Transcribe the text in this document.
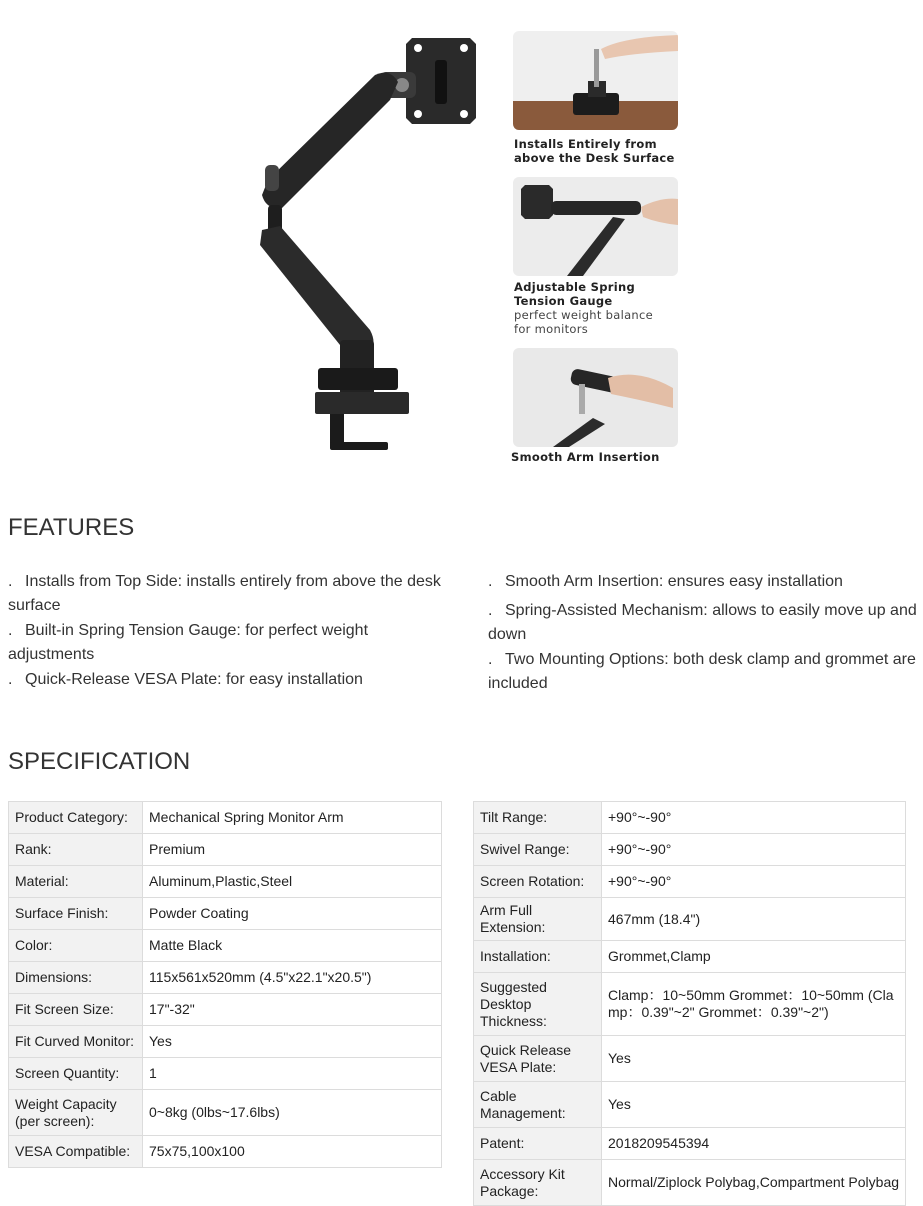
Installs Entirely from
above the Desk Surface
Adjustable Spring
Tension Gauge
perfect weight balance
for monitors
Smooth Arm Insertion
FEATURES

. Installs from Top Side: installs entirely from above the desk surface

. Built-in Spring Tension Gauge: for perfect weight adjustments

. Quick-Release VESA Plate: for easy installation

. Smooth Arm Insertion: ensures easy installation

. Spring-Assisted Mechanism: allows to easily move up and down

. Two Mounting Options: both desk clamp and grommet are included

SPECIFICATION
Product Category:	Mechanical Spring Monitor Arm
Rank:	Premium
Material:	Aluminum,Plastic,Steel
Surface Finish:	Powder Coating
Color:	Matte Black
Dimensions:	115x561x520mm (4.5"x22.1"x20.5")
Fit Screen Size:	17"-32"
Fit Curved Monitor:	Yes
Screen Quantity:	1
Weight Capacity (per screen):	0~8kg (0lbs~17.6lbs)
VESA Compatible:	75x75,100x100
Tilt Range:	+90°~-90°
Swivel Range:	+90°~-90°
Screen Rotation:	+90°~-90°
Arm Full Extension:	467mm (18.4")
Installation:	Grommet,Clamp
Suggested Desktop Thickness:	Clamp：10~50mm Grommet：10~50mm (Clamp：0.39"~2" Grommet：0.39"~2")
Quick Release VESA Plate:	Yes
Cable Management:	Yes
Patent:	2018209545394
Accessory Kit Package:	Normal/Ziplock Polybag,Compartment Polybag
